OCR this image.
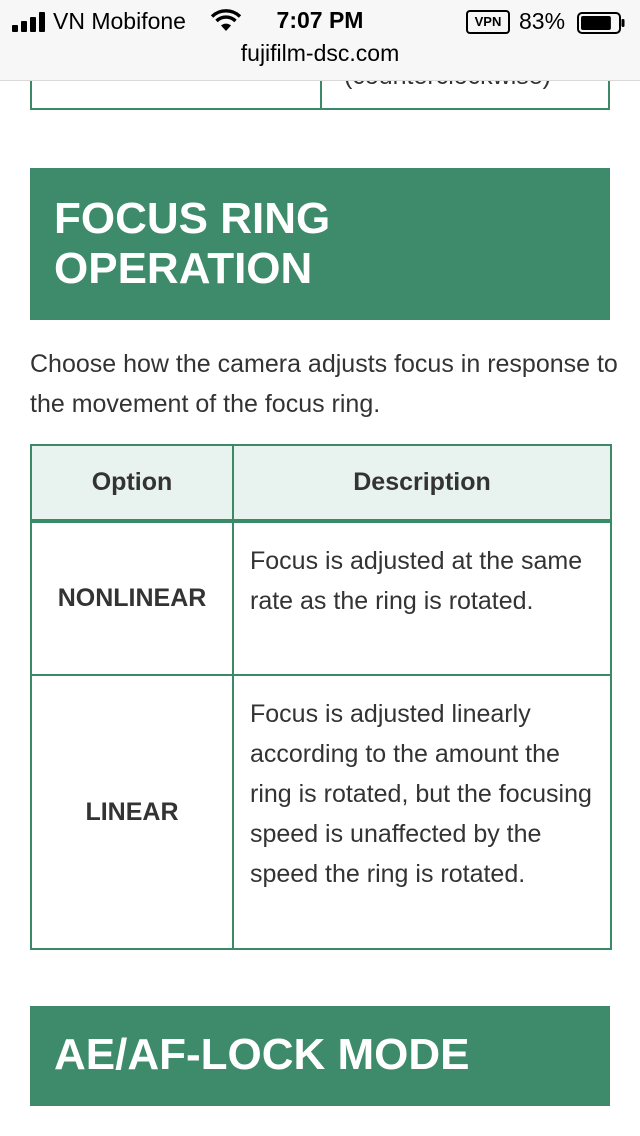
FOCUS RING
OPERATION
Choose how the camera adjusts focus in response to the movement of the focus ring.
Option	Description
NONLINEAR	Focus is adjusted at the same rate as the ring is rotated.
LINEAR	Focus is adjusted linearly according to the amount the ring is rotated, but the focusing speed is unaffected by the speed the ring is rotated.
AE/AF-LOCK MODE
VN Mobifone	7:07 PM	VPN 83%
fujifilm-dsc.com
